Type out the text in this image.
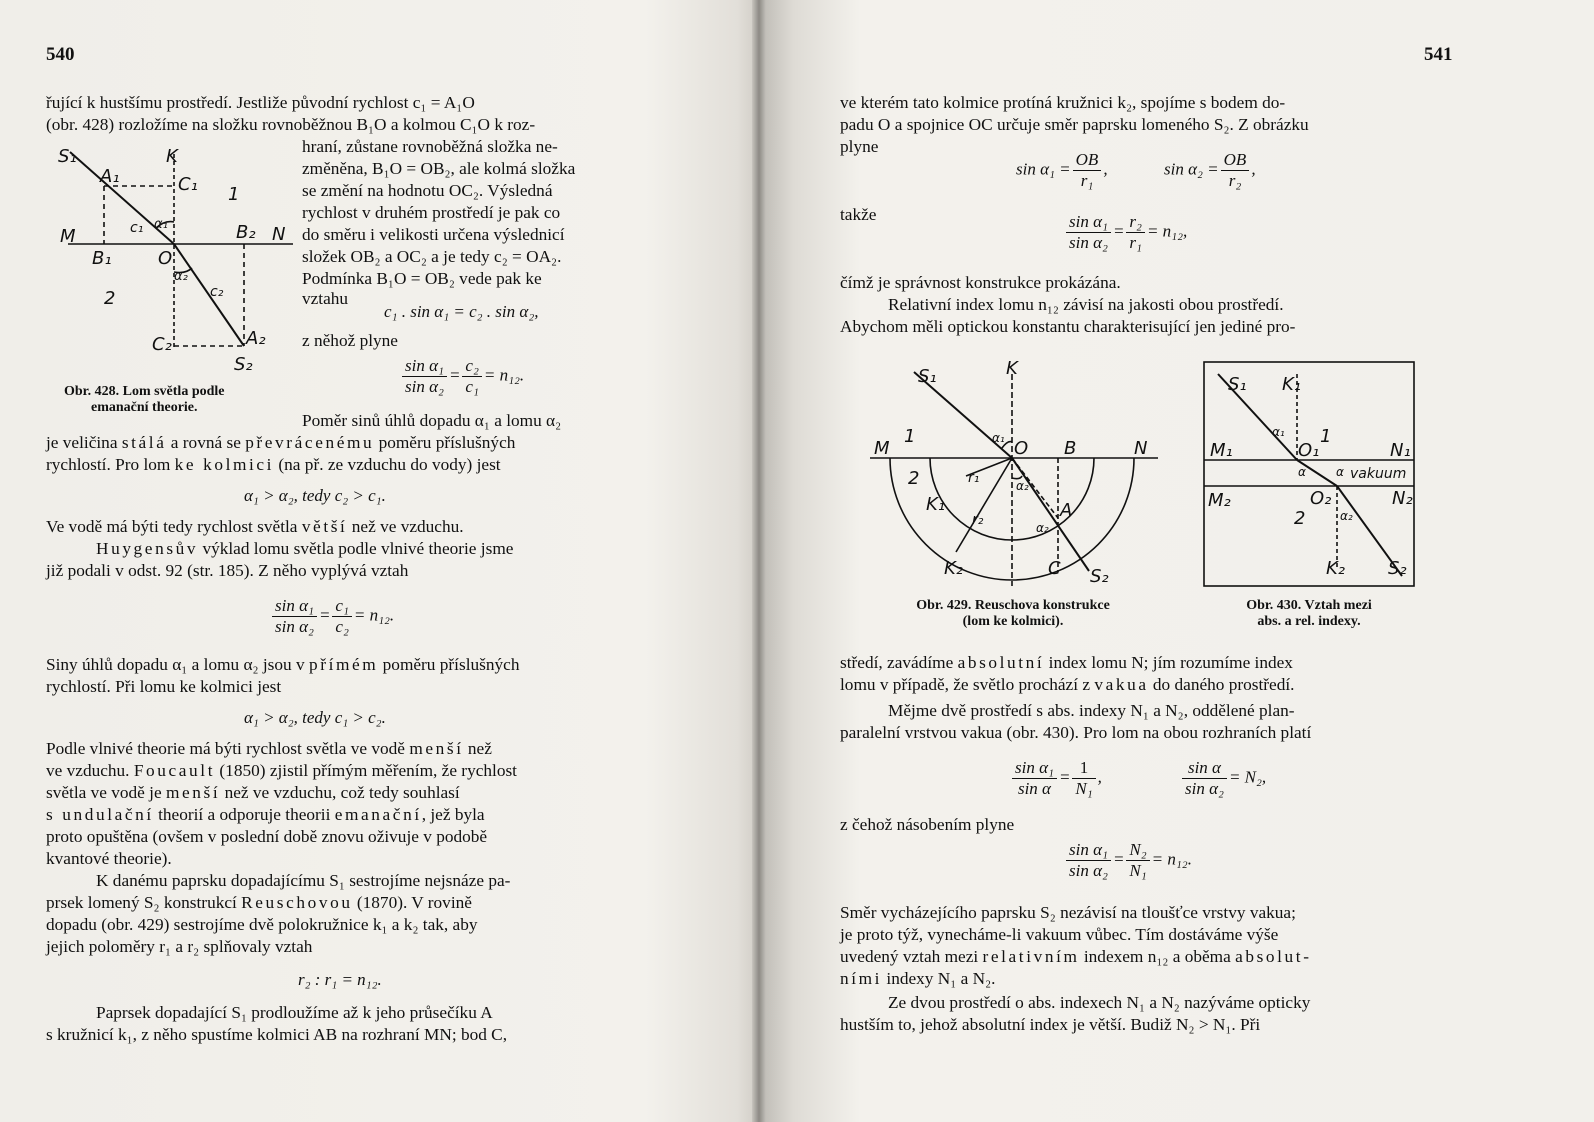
540
řující k hustšímu prostředí. Jestliže původní rychlost c₁ = A₁O
(obr. 428) rozložíme na složku rovnoběžnou B₁O a kolmou C₁O k roz-
hraní, zůstane rovnoběžná složka ne-
změněna, B₁O = OB₂, ale kolmá složka
se změní na hodnotu OC₂. Výsledná
rychlost v druhém prostředí je pak co
do směru i velikosti určena výslednicí
složek OB₂ a OC₂ a je tedy c₂ = OA₂.
Podmínka B₁O = OB₂ vede pak ke
vztahu
c₁ . sin α₁ = c₂ . sin α₂,
z něhož plyne
$\frac{\text{sin α₁}}{\text{sin α₂}} = \frac{\text{c₂}}{\text{c₁}} = n_{12}$.
S₁	K
A₁	C₁ 1
c₁ α₁
M	B₂ N
B₁	O
α₂
c₂
2
C₂	A₂
S₂
Obr. 428. Lom světla podle
emanační theorie.
Poměr sinů úhlů dopadu α₁ a lomu α₂
je veličina stálá a rovná se převrácenému poměru příslušných
rychlostí. Pro lom ke kolmici (na př. ze vzduchu do vody) jest
α₁ > α₂, tedy c₂ > c₁.
Ve vodě má býti tedy rychlost světla větší než ve vzduchu.
Huygensův výklad lomu světla podle vlnivé theorie jsme
již podali v odst. 92 (str. 185). Z něho vyplývá vztah
$\frac{\text{sin α₁}}{\text{sin α₂}} = \frac{\text{c₁}}{\text{c₂}} = n_{12}$.
Siny úhlů dopadu α₁ a lomu α₂ jsou v přímém poměru příslušných
rychlostí. Při lomu ke kolmici jest
α₁ > α₂, tedy c₁ > c₂.
Podle vlnivé theorie má býti rychlost světla ve vodě menší než
ve vzduchu. Foucault (1850) zjistil přímým měřením, že rychlost
světla ve vodě je menší než ve vzduchu, což tedy souhlasí
s undulační theorií a odporuje theorii emanační, jež byla
proto opuštěna (ovšem v poslední době znovu oživuje v podobě
kvantové theorie).
K danému paprsku dopadajícímu S₁ sestrojíme nejsnáze pa-
prsek lomený S₂ konstrukcí Reuschovou (1870). V rovině
dopadu (obr. 429) sestrojíme dvě polokružnice k₁ a k₂ tak, aby
jejich poloměry r₁ a r₂ splňovaly vztah
r₂ : r₁ = n₁₂.
Paprsek dopadající S₁ prodloužíme až k jeho průsečíku A
s kružnicí k₁, z něho spustíme kolmici AB na rozhraní MN; bod C,
541
ve kterém tato kolmice protíná kružnici k₂, spojíme s bodem do-
padu O a spojnice OC určuje směr paprsku lomeného S₂. Z obrázku
plyne
$\sin \alpha_1 = \frac{OB}{\text{r₁}}$ ,	$\sin \alpha_2 = \frac{OB}{\text{r₂}}$ ,
takže	$\frac{\text{sin α₁}}{\text{sin α₂}} = \frac{\text{r₂}}{\text{r₁}} = n_{12}$,
čímž je správnost konstrukce prokázána.
Relativní index lomu n₁₂ závisí na jakosti obou prostředí.
Abychom měli optickou konstantu charakterisující jen jediné pro-
S₁	K
M
1	α₁ O B	N
2	r₁
K₁
r₂
α₂
A
α₂
K₂	C S₂
Obr. 429. Reuschova konstrukce
(lom ke kolmici).
S₁ K₁
M₁
α₁
O₁
1
N₁
α	α vakuum
M₂	O₂	N₂
2	α₂
K₂ S₂
Obr. 430. Vztah mezi
abs. a rel. indexy.
středí, zavádíme absolutní index lomu N; jím rozumíme index
lomu v případě, že světlo prochází z vakua do daného prostředí.
Mějme dvě prostředí s abs. indexy N₁ a N₂, oddělené plan-
paralelní vrstvou vakua (obr. 430). Pro lom na obou rozhraních platí
$\frac{\text{sin α₁}}{\text{sin α}} = \frac{1}{\text{N₁}}$ ,	$\frac{\text{sin α}}{\text{sin α₂}} = N_2$,
z čehož násobením plyne
$\frac{\text{sin α₁}}{\text{sin α₂}} = \frac{\text{N₂}}{\text{N₁}} = n_{12}$.
Směr vycházejícího paprsku S₂ nezávisí na tloušťce vrstvy vakua;
je proto týž, vynecháme-li vakuum vůbec. Tím dostáváme výše
uvedený vztah mezi relativním indexem n₁₂ a oběma absolut-
ními indexy N₁ a N₂.
Ze dvou prostředí o abs. indexech N₁ a N₂ nazýváme opticky
hustším to, jehož absolutní index je větší. Budiž N₂ > N₁. Při
